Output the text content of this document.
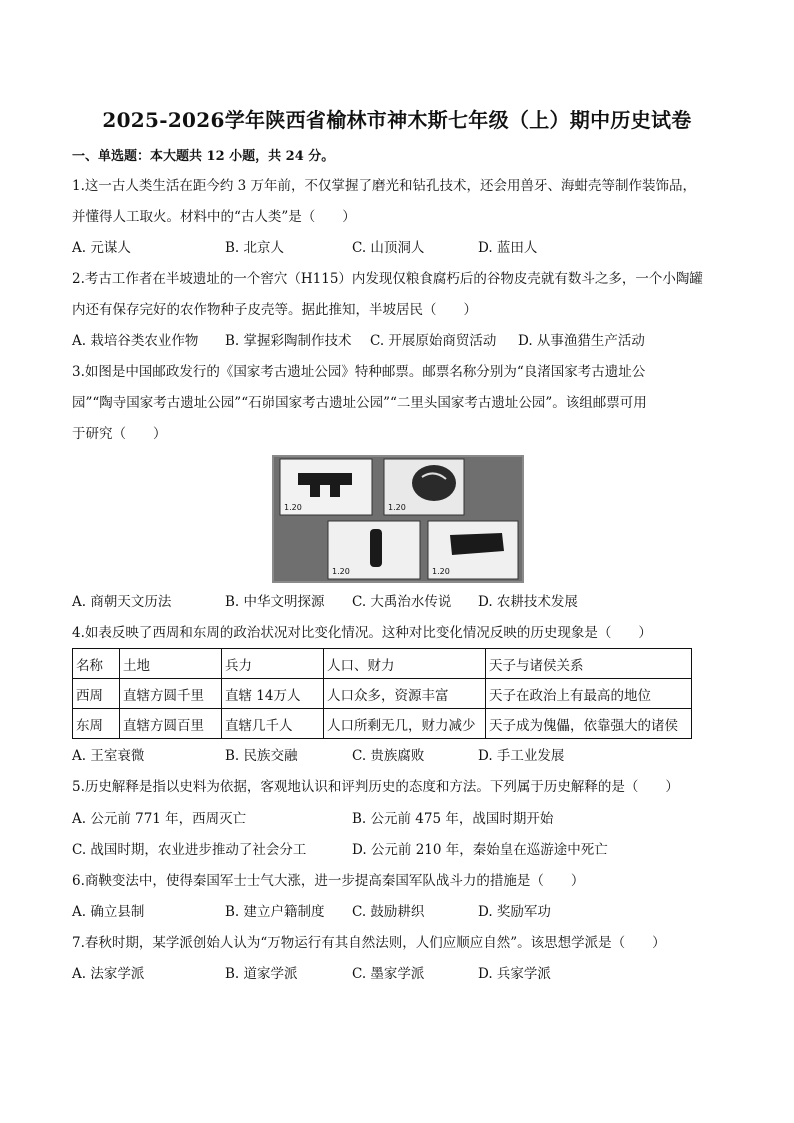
2025-2026学年陕西省榆林市神木斯七年级（上）期中历史试卷
一、单选题：本大题共 12 小题，共 24 分。
1.这一古人类生活在距今约 3 万年前，不仅掌握了磨光和钻孔技术，还会用兽牙、海蚶壳等制作装饰品，
并懂得人工取火。材料中的“古人类”是（　　）
A. 元谋人	B. 北京人	C. 山顶洞人	D. 蓝田人
2.考古工作者在半坡遗址的一个窖穴（H115）内发现仅粮食腐朽后的谷物皮壳就有数斗之多，一个小陶罐
内还有保存完好的农作物种子皮壳等。据此推知，半坡居民（　　）
A. 栽培谷类农业作物 B. 掌握彩陶制作技术 C. 开展原始商贸活动 D. 从事渔猎生产活动
3.如图是中国邮政发行的《国家考古遗址公园》特种邮票。邮票名称分别为“良渚国家考古遗址公
园”“陶寺国家考古遗址公园”“石峁国家考古遗址公园”“二里头国家考古遗址公园”。该组邮票可用
于研究（　　）
1.20	1.20
1.20	1.20
A. 商朝天文历法	B. 中华文明探源 C. 大禹治水传说 D. 农耕技术发展
4.如表反映了西周和东周的政治状况对比变化情况。这种对比变化情况反映的历史现象是（　　）
名称	土地	兵力	人口、财力	天子与诸侯关系
西周	直辖方圆千里	直辖 14万人	人口众多，资源丰富	天子在政治上有最高的地位
东周	直辖方圆百里	直辖几千人	人口所剩无几，财力减少	天子成为傀儡，依靠强大的诸侯
A. 王室衰微	B. 民族交融	C. 贵族腐败	D. 手工业发展
5.历史解释是指以史料为依据，客观地认识和评判历史的态度和方法。下列属于历史解释的是（　　）
A. 公元前 771 年，西周灭亡	B. 公元前 475 年，战国时期开始
C. 战国时期，农业进步推动了社会分工	D. 公元前 210 年，秦始皇在巡游途中死亡
6.商鞅变法中，使得秦国军士士气大涨，进一步提高秦国军队战斗力的措施是（　　）
A. 确立县制	B. 建立户籍制度 C. 鼓励耕织	D. 奖励军功
7.春秋时期，某学派创始人认为“万物运行有其自然法则，人们应顺应自然”。该思想学派是（　　）
A. 法家学派	B. 道家学派	C. 墨家学派	D. 兵家学派
